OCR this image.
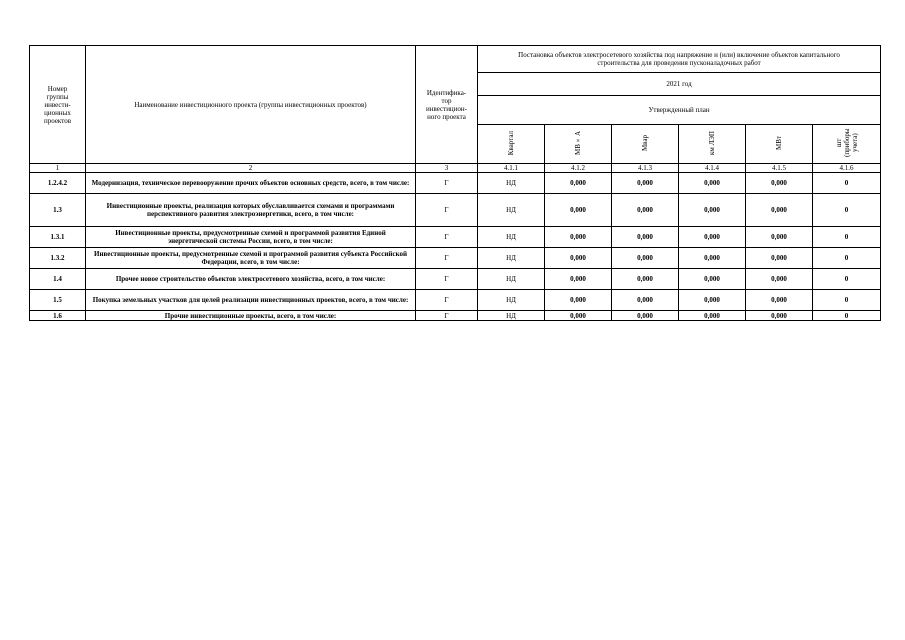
Номер группы инвести-ционных проектов	Наименование инвестиционного проекта (группы инвестиционных проектов)	Идентифика-тор инвестицион-ного проекта	Постановка объектов электросетевого хозяйства под напряжение и (или) включение объектов капитального строительства для проведения пусконаладочных работ					
			2021 год					
			Утвержденный план					
			Квартал	МВ×А	Мвар	км ЛЭП	МВт	шт (приборы учета)
1	2	3	4.1.1	4.1.2	4.1.3	4.1.4	4.1.5	4.1.6
1.2.4.2	Модернизация, техническое перевооружение прочих объектов основных средств, всего, в том числе:	Г	НД	0,000	0,000	0,000	0,000	0
1.3	Инвестиционные проекты, реализация которых обуславливается схемами и программами перспективного развития электроэнергетики, всего, в том числе:	Г	НД	0,000	0,000	0,000	0,000	0
1.3.1	Инвестиционные проекты, предусмотренные схемой и программой развития Единой энергетической системы России, всего, в том числе:	Г	НД	0,000	0,000	0,000	0,000	0
1.3.2	Инвестиционные проекты, предусмотренные схемой и программой развития субъекта Российской Федерации, всего, в том числе:	Г	НД	0,000	0,000	0,000	0,000	0
1.4	Прочее новое строительство объектов электросетевого хозяйства, всего, в том числе:	Г	НД	0,000	0,000	0,000	0,000	0
1.5	Покупка земельных участков для целей реализации инвестиционных проектов, всего, в том числе:	Г	НД	0,000	0,000	0,000	0,000	0
1.6	Прочие инвестиционные проекты, всего, в том числе:	Г	НД	0,000	0,000	0,000	0,000	0
